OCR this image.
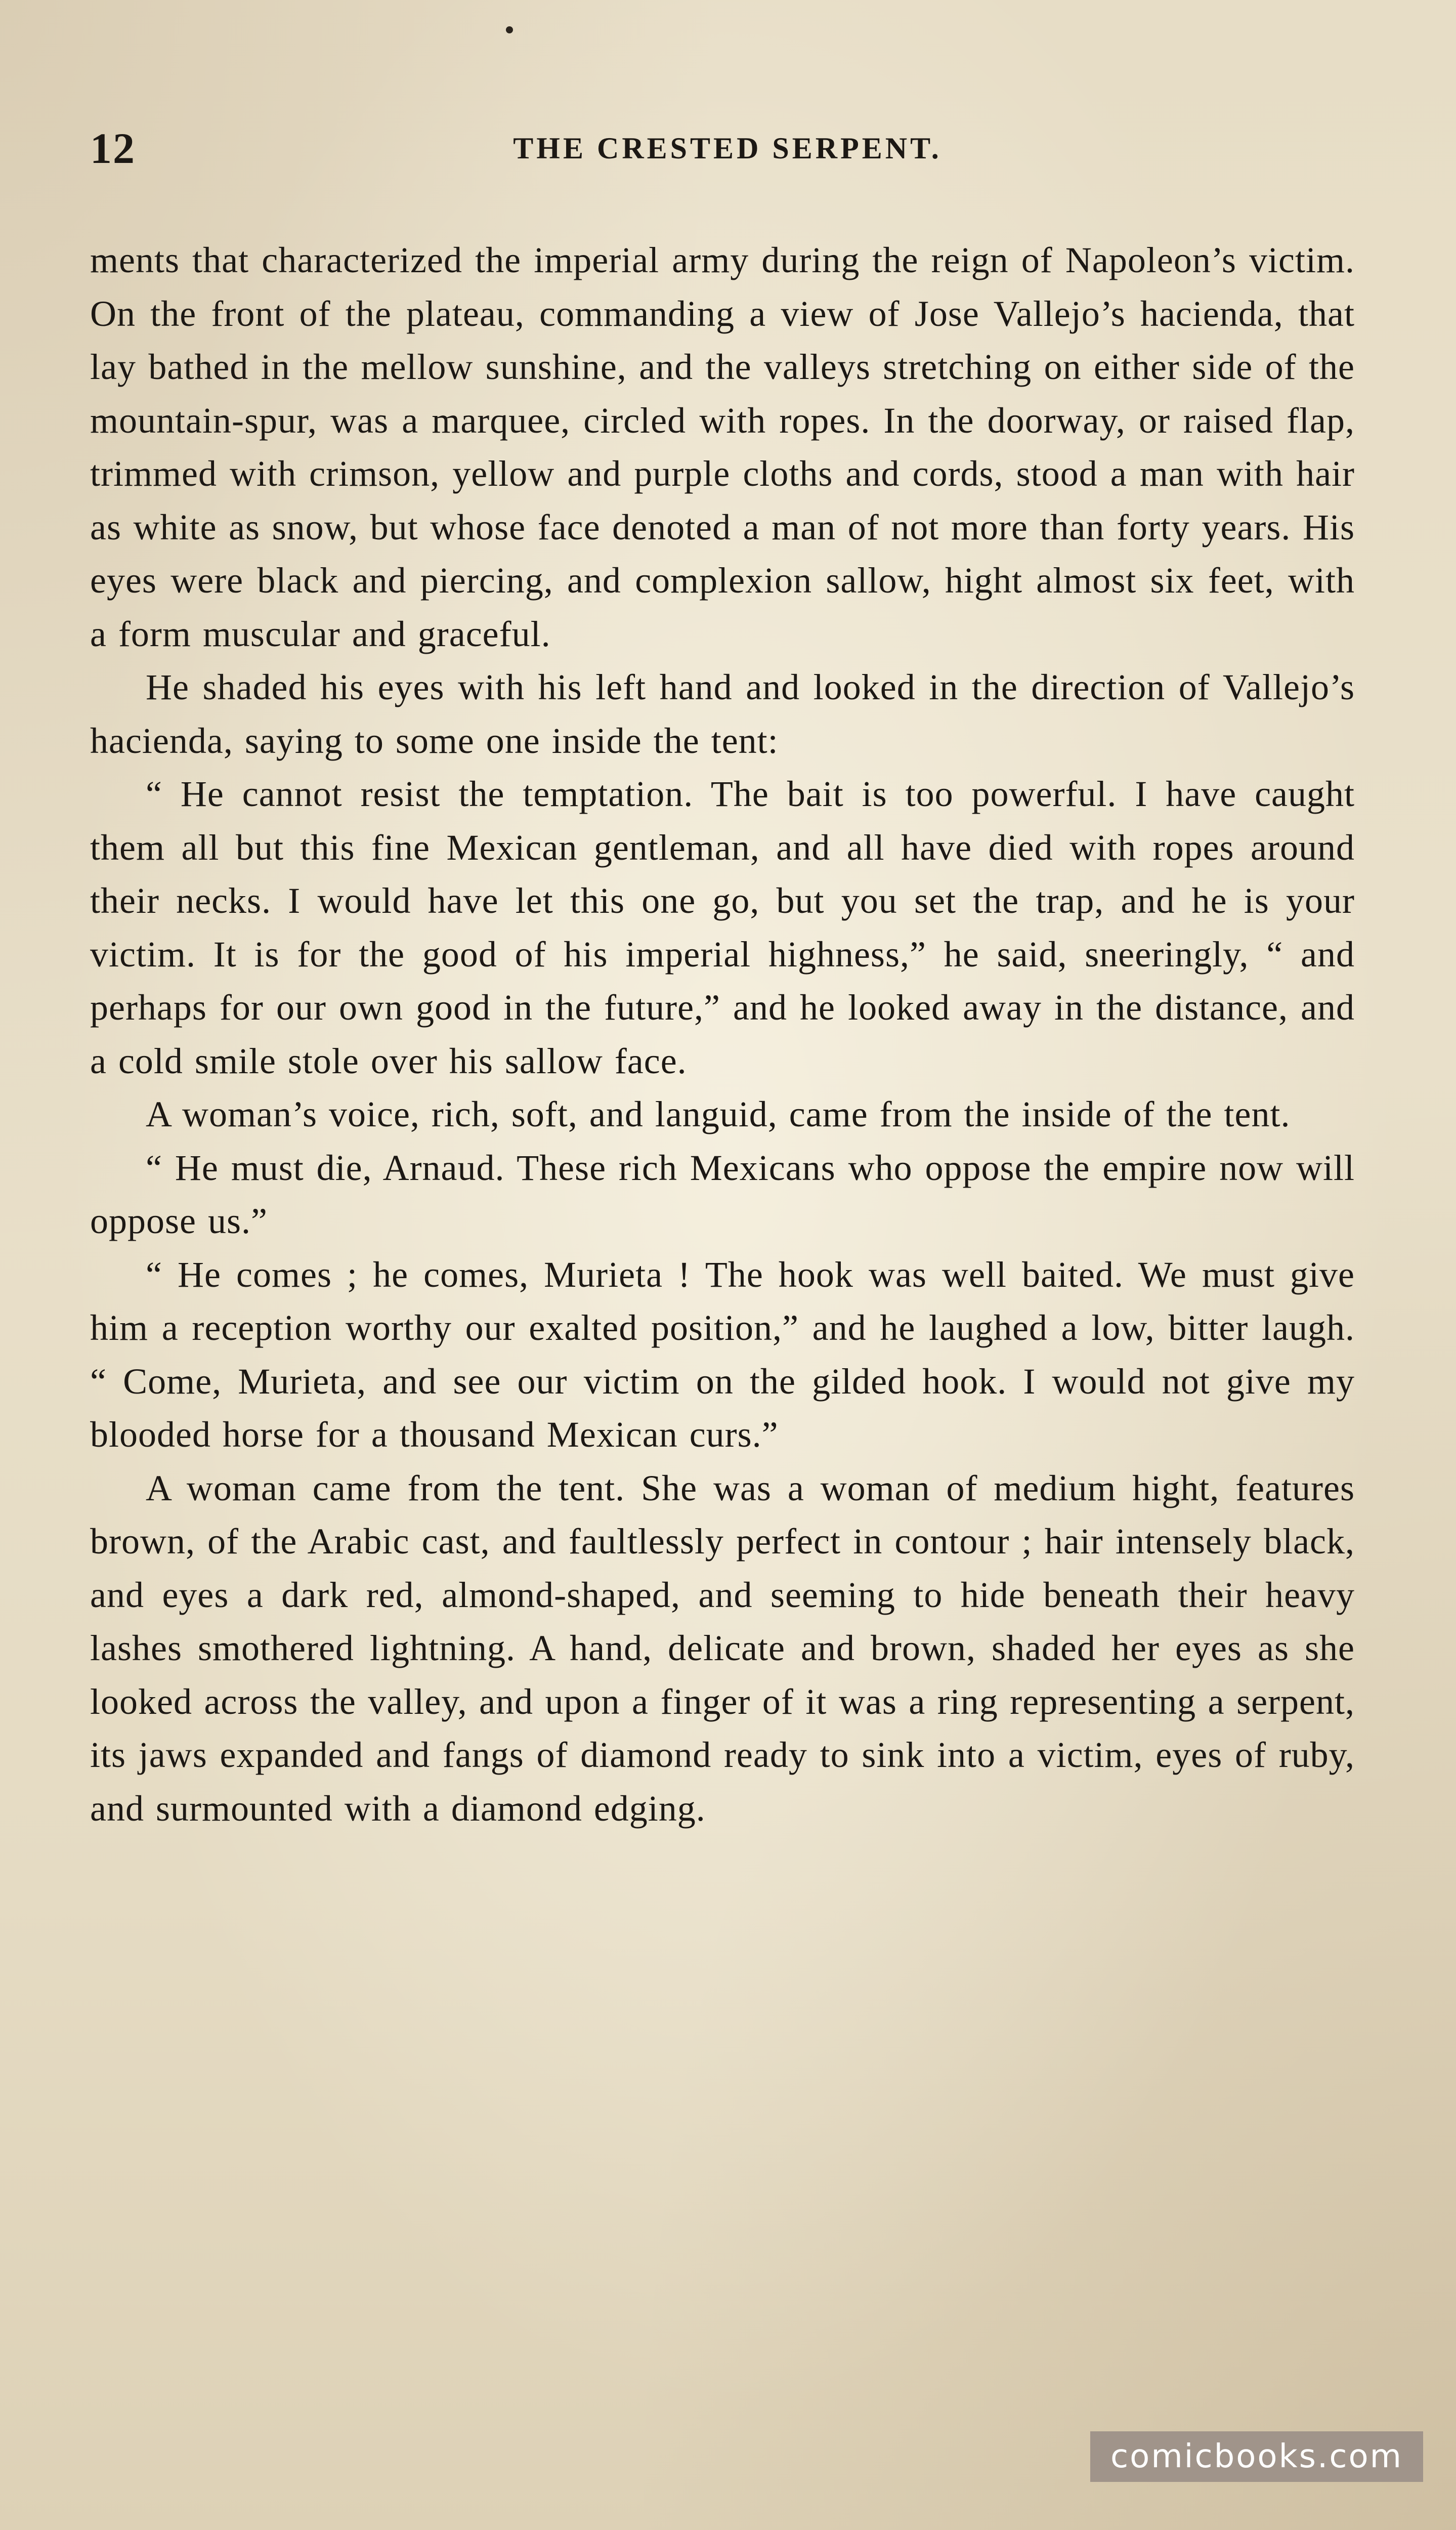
12	THE CRESTED SERPENT.

ments that characterized the imperial army during the reign of Napoleon’s victim. On the front of the plateau, commanding a view of Jose Vallejo’s hacienda, that lay bathed in the mellow sunshine, and the valleys stretching on either side of the mountain-spur, was a marquee, circled with ropes. In the doorway, or raised flap, trimmed with crimson, yellow and purple cloths and cords, stood a man with hair as white as snow, but whose face denoted a man of not more than forty years. His eyes were black and piercing, and complexion sallow, hight almost six feet, with a form muscular and graceful.

He shaded his eyes with his left hand and looked in the direction of Vallejo’s hacienda, saying to some one inside the tent:

“ He cannot resist the temptation. The bait is too powerful. I have caught them all but this fine Mexican gentleman, and all have died with ropes around their necks. I would have let this one go, but you set the trap, and he is your victim. It is for the good of his imperial highness,” he said, sneeringly, “ and perhaps for our own good in the future,” and he looked away in the distance, and a cold smile stole over his sallow face.

A woman’s voice, rich, soft, and languid, came from the inside of the tent.

“ He must die, Arnaud. These rich Mexicans who oppose the empire now will oppose us.”

“ He comes ; he comes, Murieta ! The hook was well baited. We must give him a reception worthy our exalted position,” and he laughed a low, bitter laugh. “ Come, Murieta, and see our victim on the gilded hook. I would not give my blooded horse for a thousand Mexican curs.”

A woman came from the tent. She was a woman of medium hight, features brown, of the Arabic cast, and faultlessly perfect in contour ; hair intensely black, and eyes a dark red, almond-shaped, and seeming to hide beneath their heavy lashes smothered lightning. A hand, delicate and brown, shaded her eyes as she looked across the valley, and upon a finger of it was a ring representing a serpent, its jaws expanded and fangs of diamond ready to sink into a victim, eyes of ruby, and surmounted with a diamond edging.

comicbooks.com
